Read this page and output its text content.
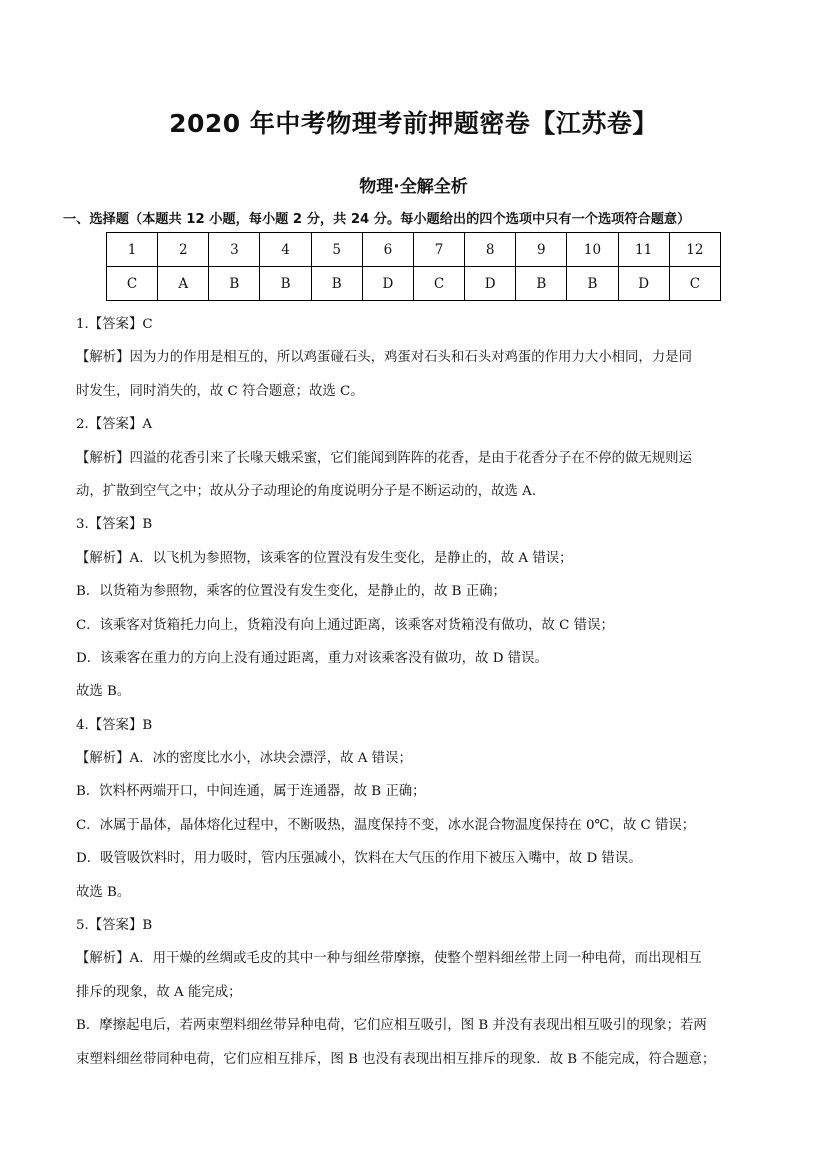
2020 年中考物理考前押题密卷【江苏卷】
物理·全解全析
一、选择题（本题共 12 小题，每小题 2 分，共 24 分。每小题给出的四个选项中只有一个选项符合题意）
1	2	3	4	5	6	7	8	9	10	11	12
C	A	B	B	B	D	C	D	B	B	D	C
1.【答案】C
【解析】因为力的作用是相互的，所以鸡蛋碰石头，鸡蛋对石头和石头对鸡蛋的作用力大小相同，力是同
时发生，同时消失的，故 C 符合题意；故选 C。
2.【答案】A
【解析】四溢的花香引来了长喙天蛾采蜜，它们能闻到阵阵的花香，是由于花香分子在不停的做无规则运
动，扩散到空气之中；故从分子动理论的角度说明分子是不断运动的，故选 A.
3.【答案】B
【解析】A．以飞机为参照物，该乘客的位置没有发生变化，是静止的，故 A 错误；
B．以货箱为参照物，乘客的位置没有发生变化，是静止的，故 B 正确；
C．该乘客对货箱托力向上，货箱没有向上通过距离，该乘客对货箱没有做功，故 C 错误；
D．该乘客在重力的方向上没有通过距离，重力对该乘客没有做功，故 D 错误。
故选 B。
4.【答案】B
【解析】A．冰的密度比水小，冰块会漂浮，故 A 错误；
B．饮料杯两端开口，中间连通，属于连通器，故 B 正确；
C．冰属于晶体，晶体熔化过程中，不断吸热，温度保持不变，冰水混合物温度保持在 0℃，故 C 错误；
D．吸管吸饮料时，用力吸时，管内压强减小，饮料在大气压的作用下被压入嘴中，故 D 错误。
故选 B。
5.【答案】B
【解析】A．用干燥的丝绸或毛皮的其中一种与细丝带摩擦，使整个塑料细丝带上同一种电荷，而出现相互
排斥的现象，故 A 能完成；
B．摩擦起电后，若两束塑料细丝带异种电荷，它们应相互吸引，图 B 并没有表现出相互吸引的现象；若两
束塑料细丝带同种电荷，它们应相互排斥，图 B 也没有表现出相互排斥的现象．故 B 不能完成，符合题意；
